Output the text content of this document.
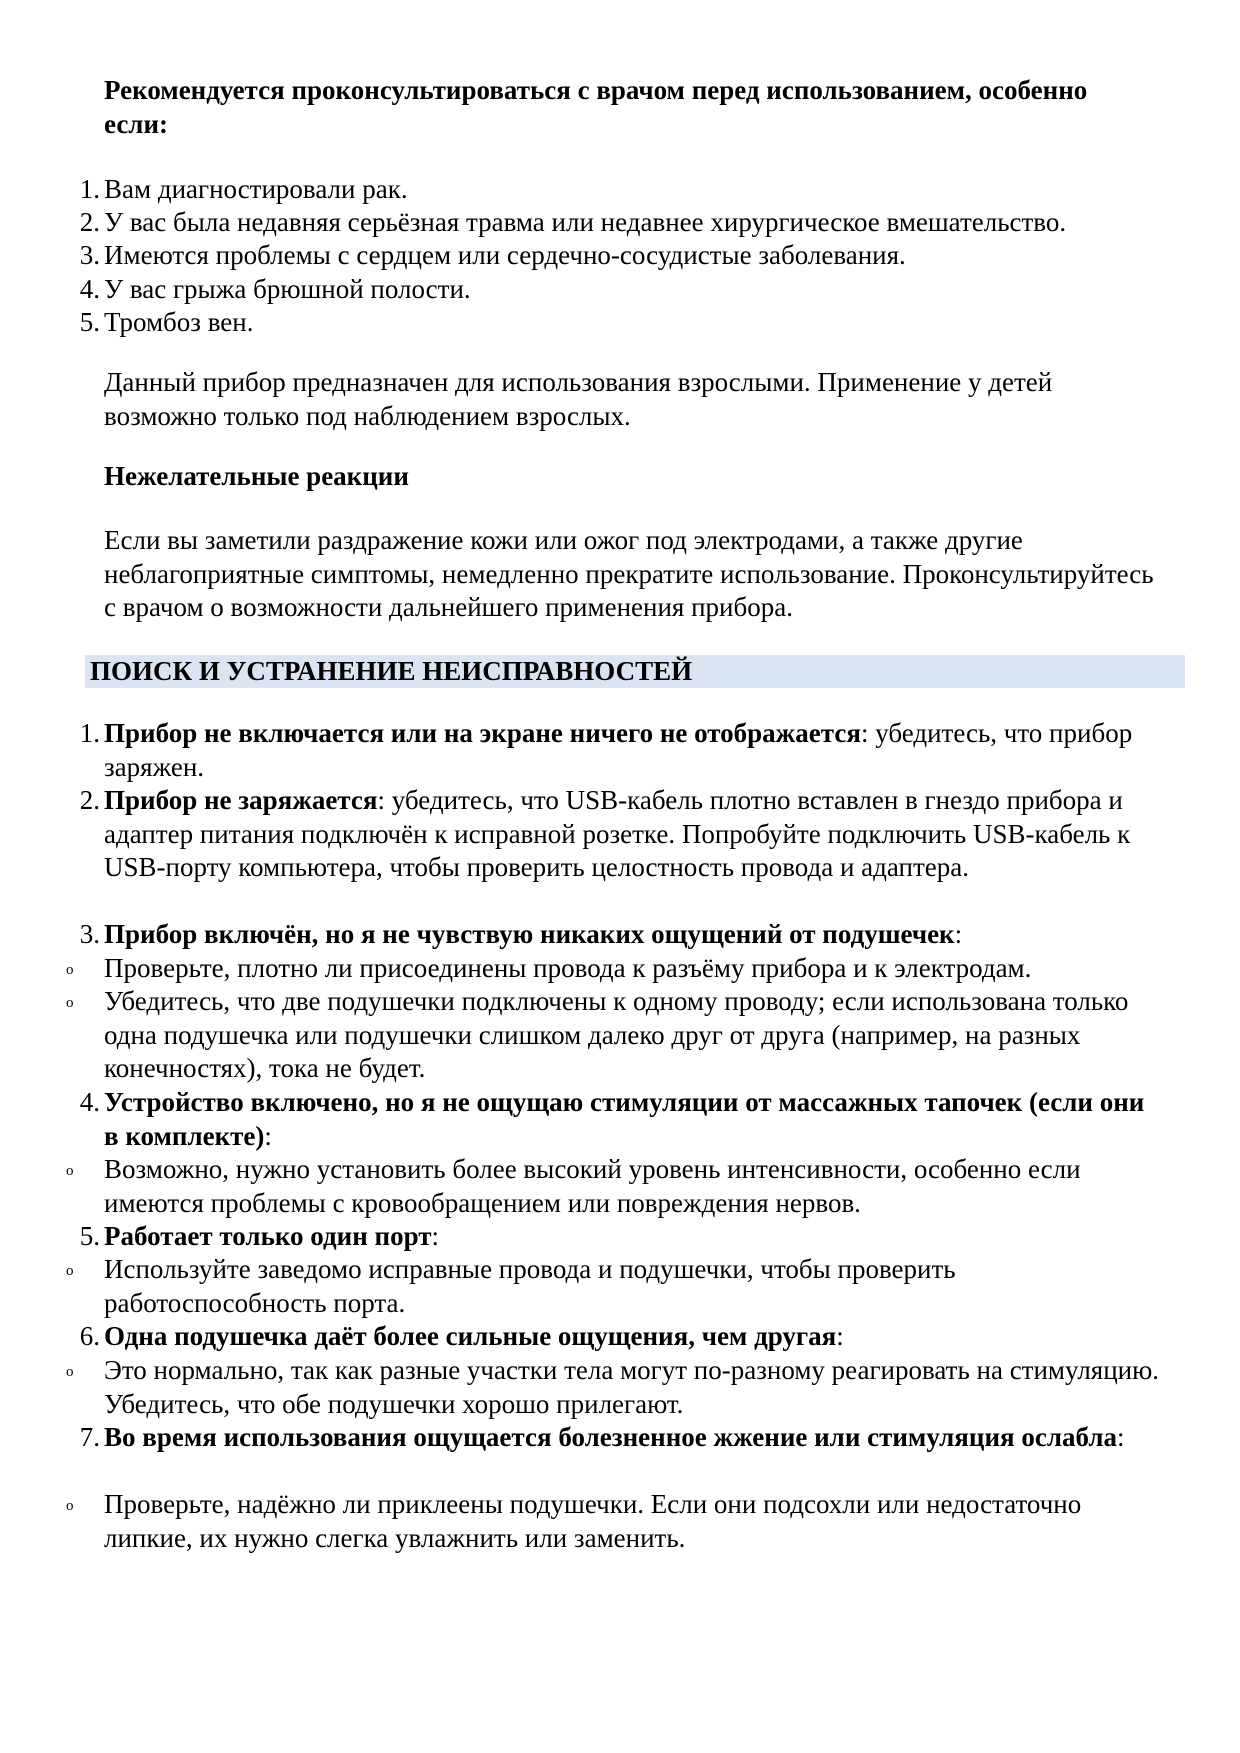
Рекомендуется проконсультироваться с врачом перед использованием, особенно если:

1. Вам диагностировали рак.
2. У вас была недавняя серьёзная травма или недавнее хирургическое вмешательство.
3. Имеются проблемы с сердцем или сердечно-сосудистые заболевания.
4. У вас грыжа брюшной полости.
5. Тромбоз вен.

Данный прибор предназначен для использования взрослыми. Применение у детей возможно только под наблюдением взрослых.

Нежелательные реакции

Если вы заметили раздражение кожи или ожог под электродами, а также другие неблагоприятные симптомы, немедленно прекратите использование. Проконсультируйтесь с врачом о возможности дальнейшего применения прибора.

ПОИСК И УСТРАНЕНИЕ НЕИСПРАВНОСТЕЙ
1. Прибор не включается или на экране ничего не отображается: убедитесь, что прибор заряжен.
2. Прибор не заряжается: убедитесь, что USB-кабель плотно вставлен в гнездо прибора и адаптер питания подключён к исправной розетке. Попробуйте подключить USB-кабель к USB-порту компьютера, чтобы проверить целостность провода и адаптера.
3. Прибор включён, но я не чувствую никаких ощущений от подушечек:
o Проверьте, плотно ли присоединены провода к разъёму прибора и к электродам.
o Убедитесь, что две подушечки подключены к одному проводу; если использована только одна подушечка или подушечки слишком далеко друг от друга (например, на разных конечностях), тока не будет.
4. Устройство включено, но я не ощущаю стимуляции от массажных тапочек (если они в комплекте):
o Возможно, нужно установить более высокий уровень интенсивности, особенно если имеются проблемы с кровообращением или повреждения нервов.
5. Работает только один порт:
o Используйте заведомо исправные провода и подушечки, чтобы проверить работоспособность порта.
6. Одна подушечка даёт более сильные ощущения, чем другая:
o Это нормально, так как разные участки тела могут по-разному реагировать на стимуляцию. Убедитесь, что обе подушечки хорошо прилегают.
7. Во время использования ощущается болезненное жжение или стимуляция ослабла:
o Проверьте, надёжно ли приклеены подушечки. Если они подсохли или недостаточно липкие, их нужно слегка увлажнить или заменить.
